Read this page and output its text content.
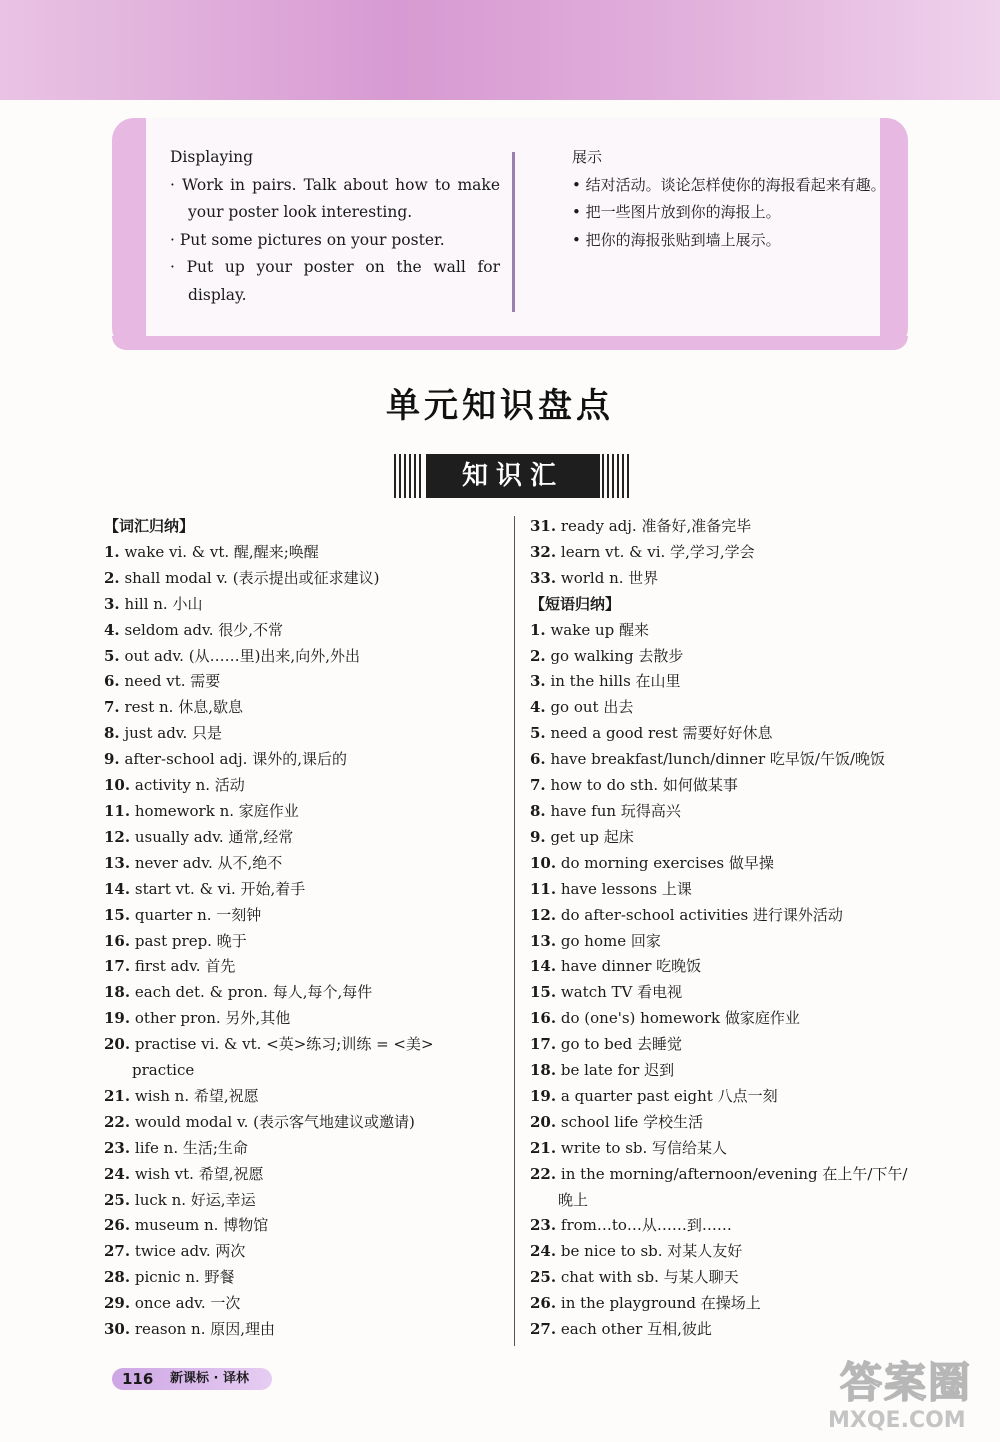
Displaying

· Work in pairs. Talk about how to make your poster look interesting.

· Put some pictures on your poster.

· Put up your poster on the wall for display.

展示

• 结对活动。谈论怎样使你的海报看起来有趣。

• 把一些图片放到你的海报上。

• 把你的海报张贴到墙上展示。

单元知识盘点
知识汇

【词汇归纳】

1. wake vi. & vt. 醒,醒来;唤醒

2. shall modal v. (表示提出或征求建议)

3. hill n. 小山

4. seldom adv. 很少,不常

5. out adv. (从……里)出来,向外,外出

6. need vt. 需要

7. rest n. 休息,歇息

8. just adv. 只是

9. after-school adj. 课外的,课后的

10. activity n. 活动

11. homework n. 家庭作业

12. usually adv. 通常,经常

13. never adv. 从不,绝不

14. start vt. & vi. 开始,着手

15. quarter n. 一刻钟

16. past prep. 晚于

17. first adv. 首先

18. each det. & pron. 每人,每个,每件

19. other pron. 另外,其他

20. practise vi. & vt. <英>练习;训练 = <美>

practice

21. wish n. 希望,祝愿

22. would modal v. (表示客气地建议或邀请)

23. life n. 生活;生命

24. wish vt. 希望,祝愿

25. luck n. 好运,幸运

26. museum n. 博物馆

27. twice adv. 两次

28. picnic n. 野餐

29. once adv. 一次

30. reason n. 原因,理由

31. ready adj. 准备好,准备完毕

32. learn vt. & vi. 学,学习,学会

33. world n. 世界

【短语归纳】

1. wake up 醒来

2. go walking 去散步

3. in the hills 在山里

4. go out 出去

5. need a good rest 需要好好休息

6. have breakfast/lunch/dinner 吃早饭/午饭/晚饭

7. how to do sth. 如何做某事

8. have fun 玩得高兴

9. get up 起床

10. do morning exercises 做早操

11. have lessons 上课

12. do after-school activities 进行课外活动

13. go home 回家

14. have dinner 吃晚饭

15. watch TV 看电视

16. do (one's) homework 做家庭作业

17. go to bed 去睡觉

18. be late for 迟到

19. a quarter past eight 八点一刻

20. school life 学校生活

21. write to sb. 写信给某人

22. in the morning/afternoon/evening 在上午/下午/

晚上

23. from…to…从……到……

24. be nice to sb. 对某人友好

25. chat with sb. 与某人聊天

26. in the playground 在操场上

27. each other 互相,彼此

116 新课标 · 译林	答案圈
MXQE.COM
